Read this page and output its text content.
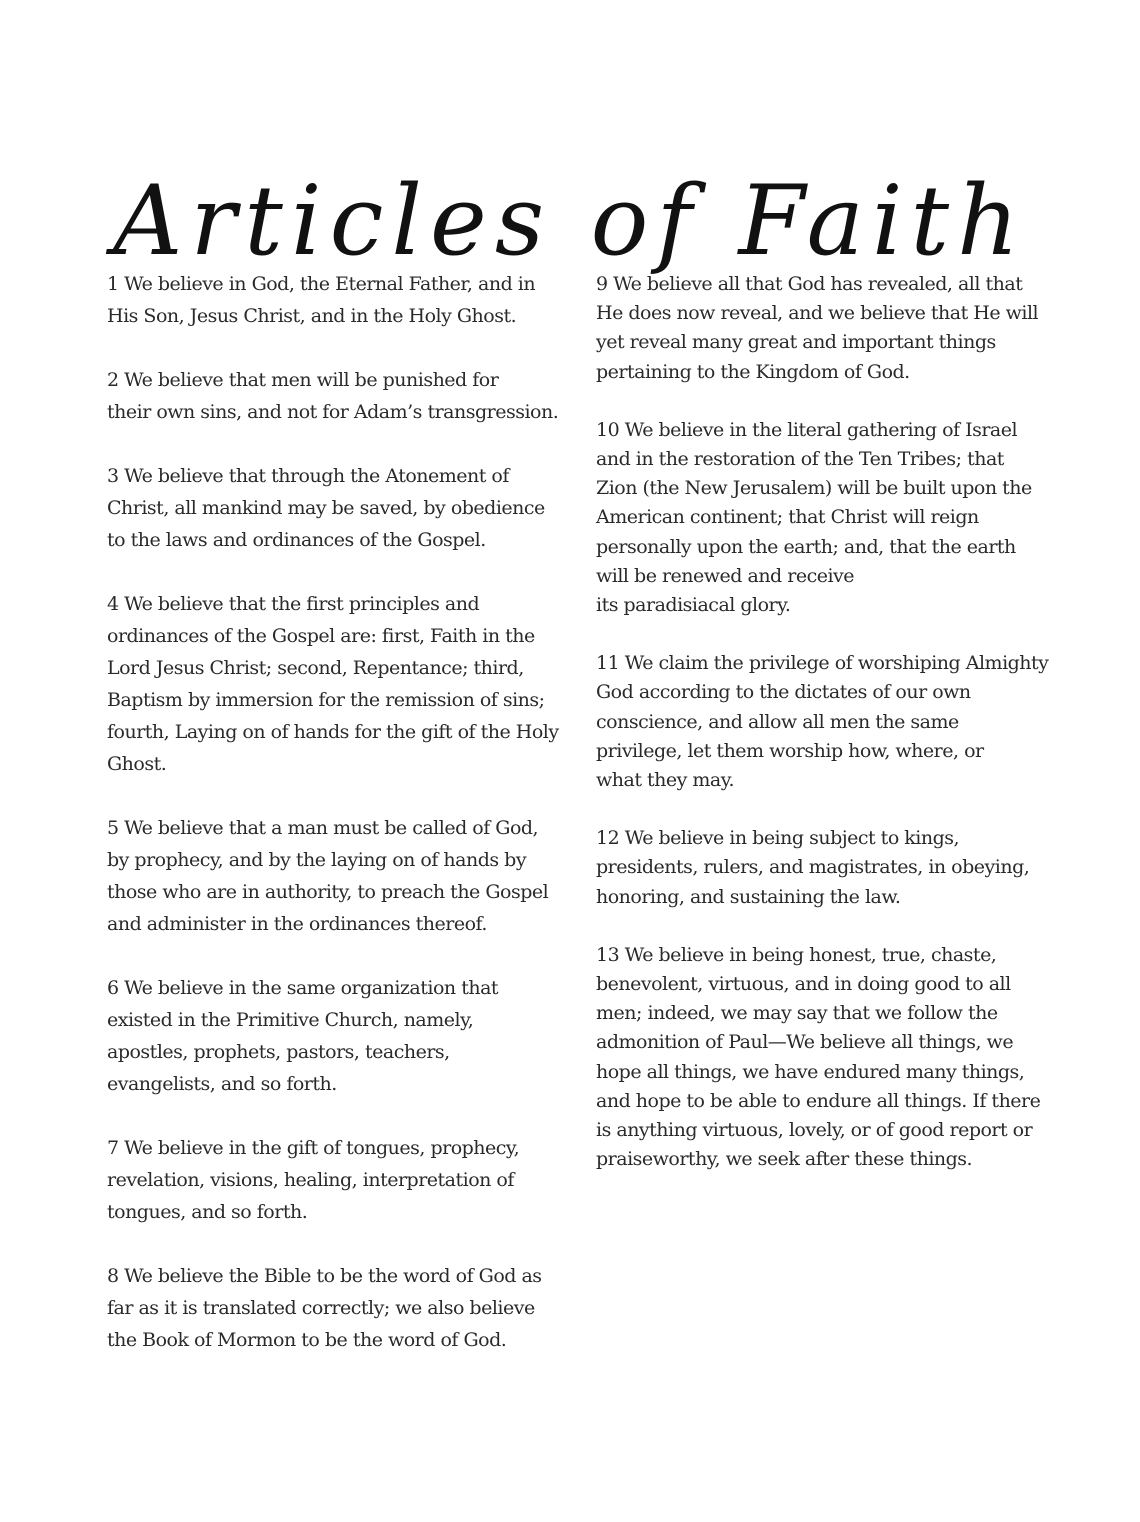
Articles of Faith

1 We believe in God, the Eternal Father, and in
His Son, Jesus Christ, and in the Holy Ghost.

2 We believe that men will be punished for
their own sins, and not for Adam’s transgression.

3 We believe that through the Atonement of
Christ, all mankind may be saved, by obedience
to the laws and ordinances of the Gospel.

4 We believe that the first principles and
ordinances of the Gospel are: first, Faith in the
Lord Jesus Christ; second, Repentance; third,
Baptism by immersion for the remission of sins;
fourth, Laying on of hands for the gift of the Holy
Ghost.

5 We believe that a man must be called of God,
by prophecy, and by the laying on of hands by
those who are in authority, to preach the Gospel
and administer in the ordinances thereof.

6 We believe in the same organization that
existed in the Primitive Church, namely,
apostles, prophets, pastors, teachers,
evangelists, and so forth.

7 We believe in the gift of tongues, prophecy,
revelation, visions, healing, interpretation of
tongues, and so forth.

8 We believe the Bible to be the word of God as
far as it is translated correctly; we also believe
the Book of Mormon to be the word of God.

9 We believe all that God has revealed, all that
He does now reveal, and we believe that He will
yet reveal many great and important things
pertaining to the Kingdom of God.

10 We believe in the literal gathering of Israel
and in the restoration of the Ten Tribes; that
Zion (the New Jerusalem) will be built upon the
American continent; that Christ will reign
personally upon the earth; and, that the earth
will be renewed and receive
its paradisiacal glory.

11 We claim the privilege of worshiping Almighty
God according to the dictates of our own
conscience, and allow all men the same
privilege, let them worship how, where, or
what they may.

12 We believe in being subject to kings,
presidents, rulers, and magistrates, in obeying,
honoring, and sustaining the law.

13 We believe in being honest, true, chaste,
benevolent, virtuous, and in doing good to all
men; indeed, we may say that we follow the
admonition of Paul—We believe all things, we
hope all things, we have endured many things,
and hope to be able to endure all things. If there
is anything virtuous, lovely, or of good report or
praiseworthy, we seek after these things.
